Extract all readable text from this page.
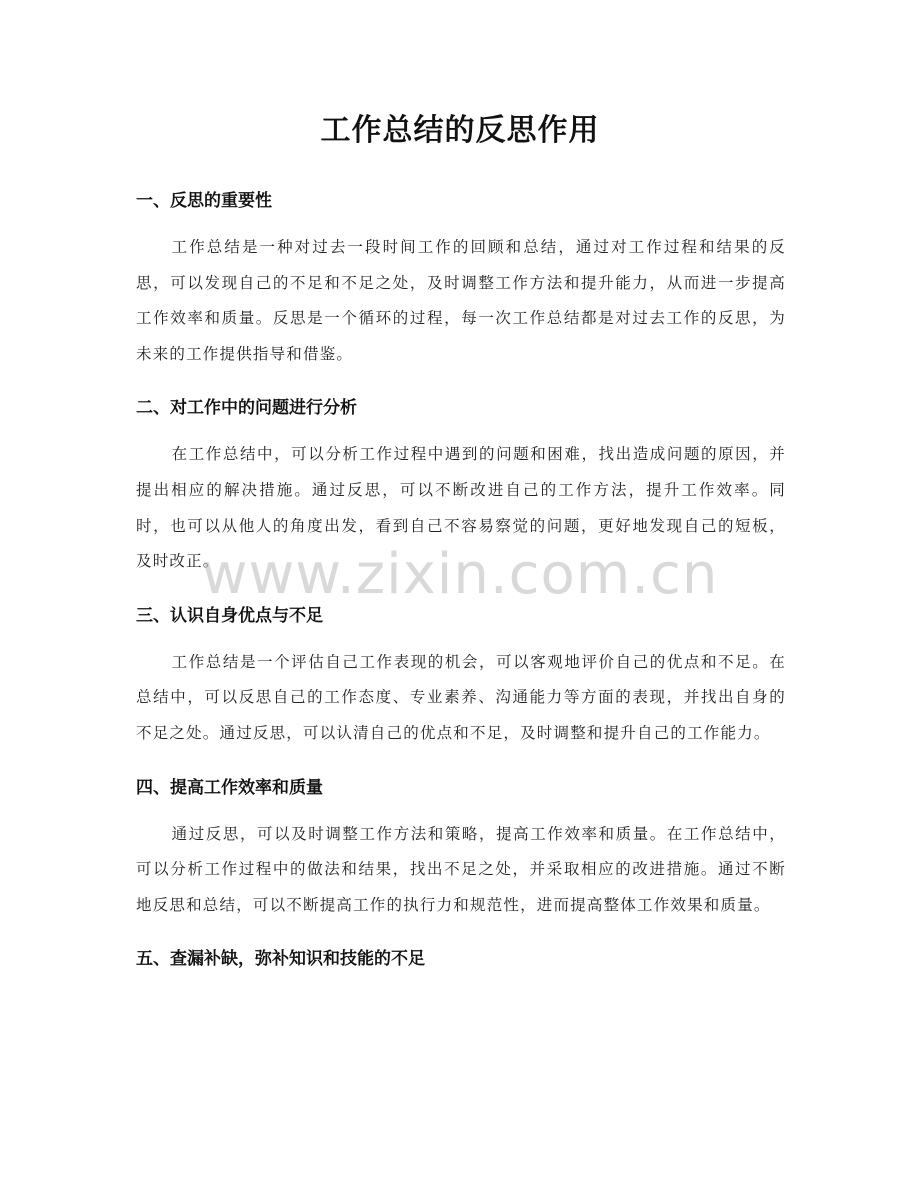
工作总结的反思作用
一、反思的重要性

工作总结是一种对过去一段时间工作的回顾和总结，通过对工作过程和结果的反思，可以发现自己的不足和不足之处，及时调整工作方法和提升能力，从而进一步提高工作效率和质量。反思是一个循环的过程，每一次工作总结都是对过去工作的反思，为未来的工作提供指导和借鉴。

二、对工作中的问题进行分析

在工作总结中，可以分析工作过程中遇到的问题和困难，找出造成问题的原因，并提出相应的解决措施。通过反思，可以不断改进自己的工作方法，提升工作效率。同时，也可以从他人的角度出发，看到自己不容易察觉的问题，更好地发现自己的短板，及时改正。

三、认识自身优点与不足

工作总结是一个评估自己工作表现的机会，可以客观地评价自己的优点和不足。在总结中，可以反思自己的工作态度、专业素养、沟通能力等方面的表现，并找出自身的不足之处。通过反思，可以认清自己的优点和不足，及时调整和提升自己的工作能力。

四、提高工作效率和质量

通过反思，可以及时调整工作方法和策略，提高工作效率和质量。在工作总结中，可以分析工作过程中的做法和结果，找出不足之处，并采取相应的改进措施。通过不断地反思和总结，可以不断提高工作的执行力和规范性，进而提高整体工作效果和质量。

五、查漏补缺，弥补知识和技能的不足
www.zixin.com.cn
